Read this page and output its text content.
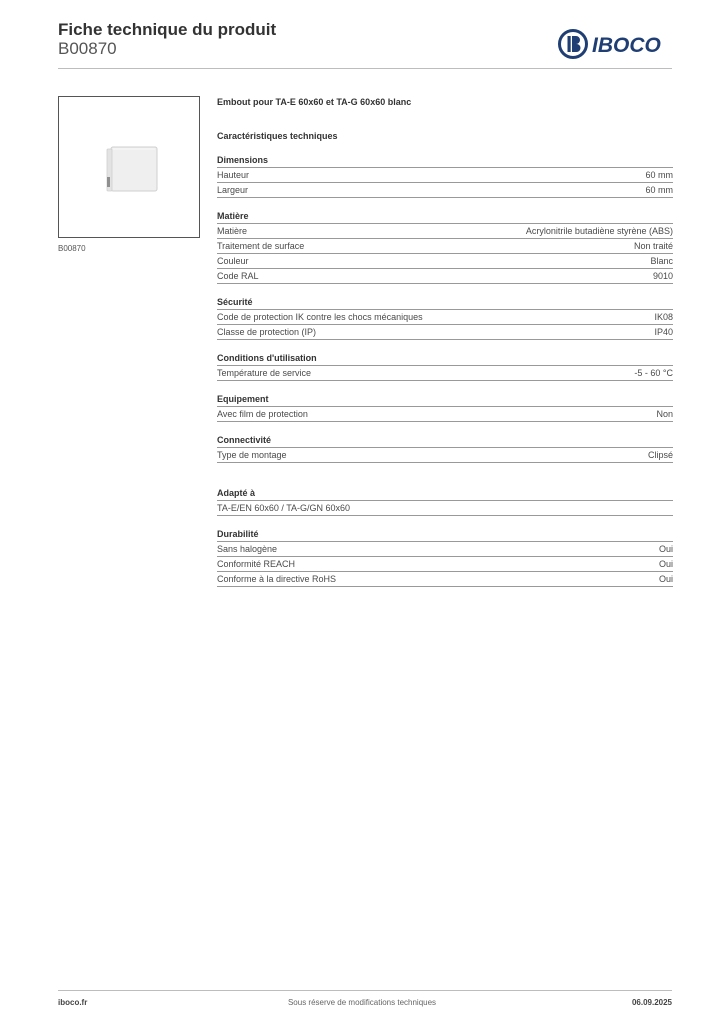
Fiche technique du produit
B00870	IBOCO
B00870
Embout pour TA-E 60x60 et TA-G 60x60 blanc
Caractéristiques techniques
Dimensions
Hauteur	60 mm
Largeur	60 mm
Matière
Matière	Acrylonitrile butadiène styrène (ABS)
Traitement de surface	Non traité
Couleur	Blanc
Code RAL	9010
Sécurité
Code de protection IK contre les chocs mécaniques	IK08
Classe de protection (IP)	IP40
Conditions d'utilisation
Température de service	-5 - 60 °C
Equipement
Avec film de protection	Non
Connectivité
Type de montage	Clipsé
Adapté à
TA-E/EN 60x60 / TA-G/GN 60x60
Durabilité
Sans halogène	Oui
Conformité REACH	Oui
Conforme à la directive RoHS	Oui
iboco.fr	Sous réserve de modifications techniques	06.09.2025
